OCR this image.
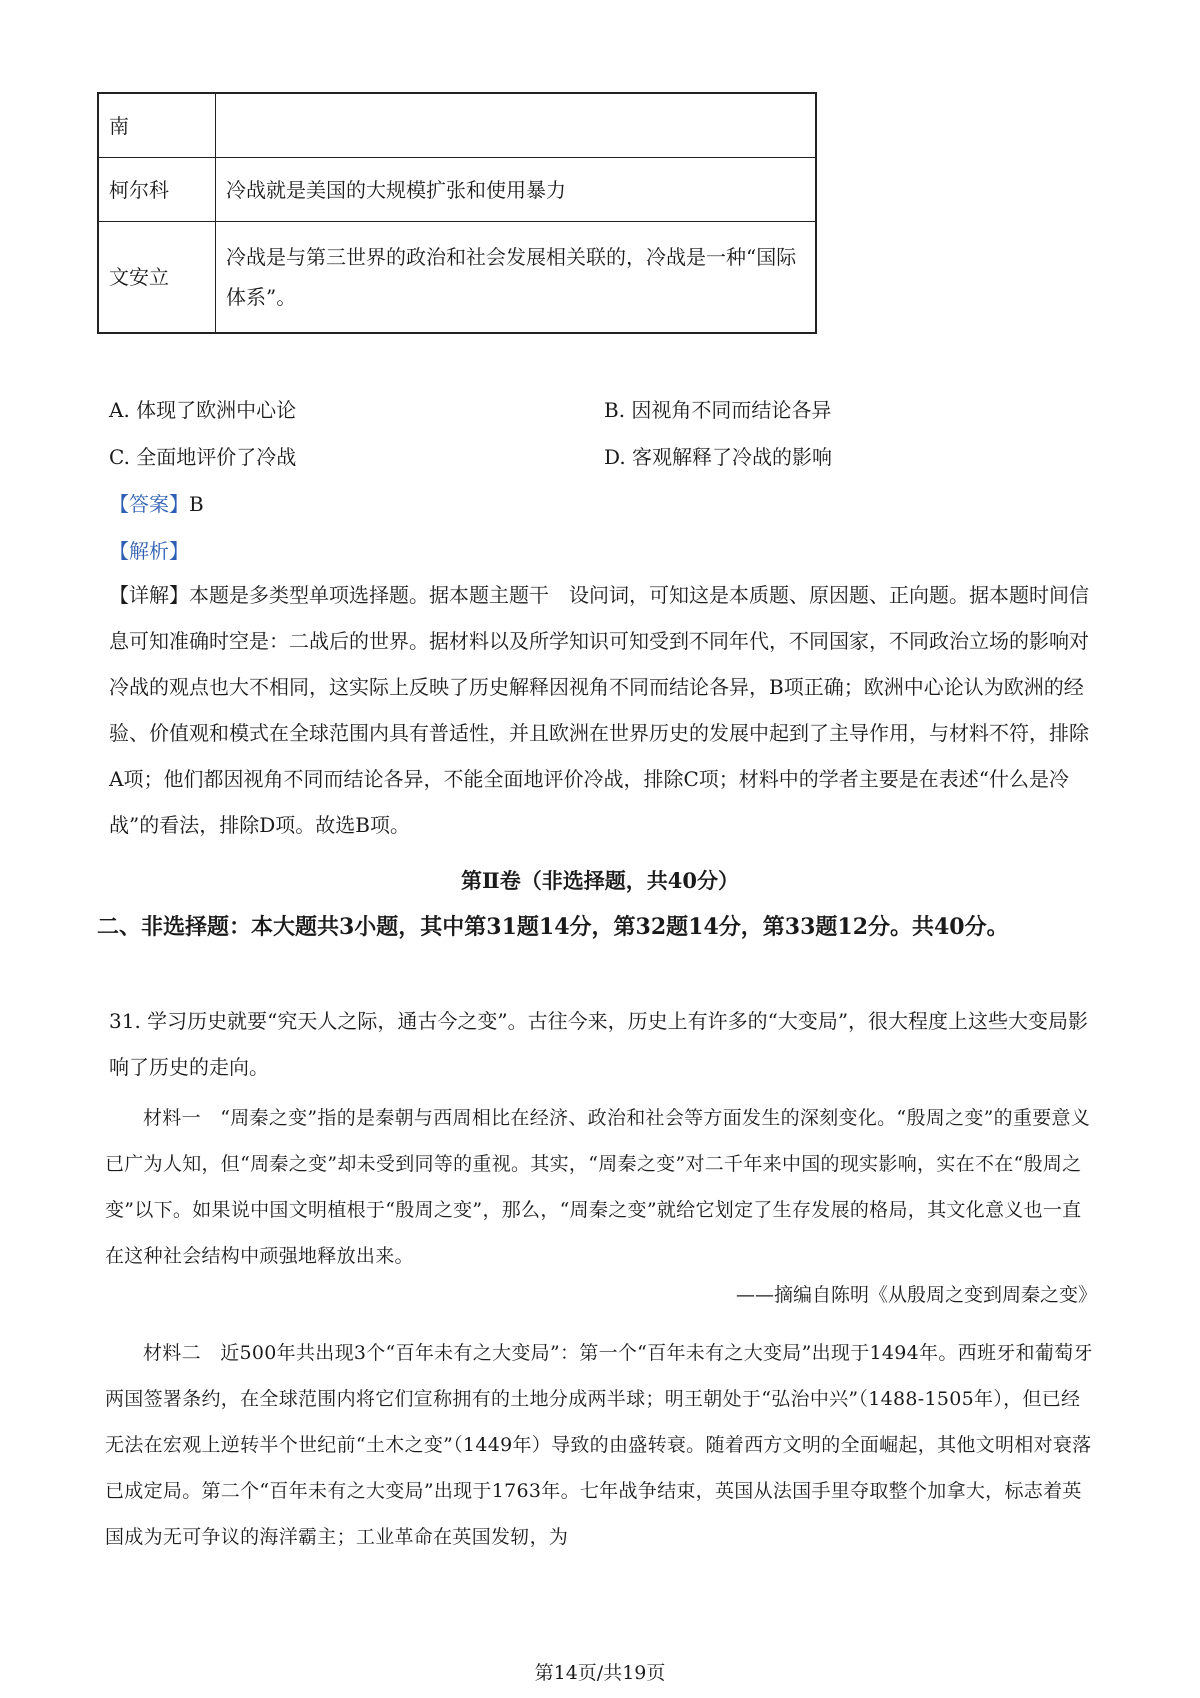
南	
柯尔科	冷战就是美国的大规模扩张和使用暴力
文安立	冷战是与第三世界的政治和社会发展相关联的，冷战是一种“国际体系”。
A. 体现了欧洲中心论	B. 因视角不同而结论各异
C. 全面地评价了冷战	D. 客观解释了冷战的影响
【答案】B
【解析】
【详解】本题是多类型单项选择题。据本题主题干　设问词，可知这是本质题、原因题、正向题。据本题时间信息可知准确时空是：二战后的世界。据材料以及所学知识可知受到不同年代，不同国家，不同政治立场的影响对冷战的观点也大不相同，这实际上反映了历史解释因视角不同而结论各异，B项正确；欧洲中心论认为欧洲的经验、价值观和模式在全球范围内具有普适性，并且欧洲在世界历史的发展中起到了主导作用，与材料不符，排除A项；他们都因视角不同而结论各异，不能全面地评价冷战，排除C项；材料中的学者主要是在表述“什么是冷战”的看法，排除D项。故选B项。
第Ⅱ卷（非选择题，共40分）
二、非选择题：本大题共3小题，其中第31题14分，第32题14分，第33题12分。共40分。
31. 学习历史就要“究天人之际，通古今之变”。古往今来，历史上有许多的“大变局”，很大程度上这些大变局影响了历史的走向。
材料一　“周秦之变”指的是秦朝与西周相比在经济、政治和社会等方面发生的深刻变化。“殷周之变”的重要意义已广为人知，但“周秦之变”却未受到同等的重视。其实，“周秦之变”对二千年来中国的现实影响，实在不在“殷周之变”以下。如果说中国文明植根于“殷周之变”，那么，“周秦之变”就给它划定了生存发展的格局，其文化意义也一直在这种社会结构中顽强地释放出来。
——摘编自陈明《从殷周之变到周秦之变》
材料二　近500年共出现3个“百年未有之大变局”：第一个“百年未有之大变局”出现于1494年。西班牙和葡萄牙两国签署条约，在全球范围内将它们宣称拥有的土地分成两半球；明王朝处于“弘治中兴”（1488-1505年），但已经无法在宏观上逆转半个世纪前“土木之变”（1449年）导致的由盛转衰。随着西方文明的全面崛起，其他文明相对衰落已成定局。第二个“百年未有之大变局”出现于1763年。七年战争结束，英国从法国手里夺取整个加拿大，标志着英国成为无可争议的海洋霸主；工业革命在英国发轫，为
第14页/共19页
